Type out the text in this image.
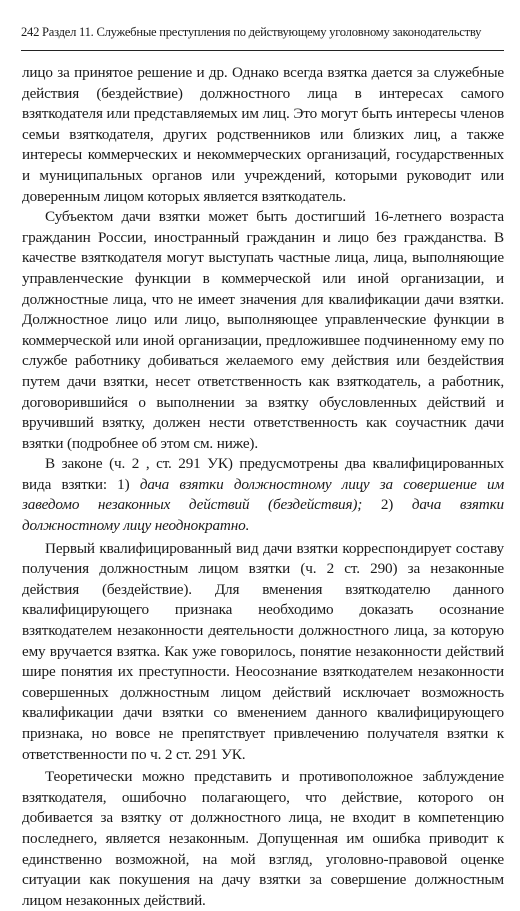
242 Раздел 11. Служебные преступления по действующему уголовному законодательству

лицо за принятое решение и др. Однако всегда взятка дается за служебные действия (бездействие) должностного лица в интересах самого взяткодателя или представляемых им лиц. Это могут быть интересы членов семьи взяткодателя, других родственников или близких лиц, а также интересы коммерческих и некоммерческих организаций, государственных и муниципальных органов или учреждений, которыми руководит или доверенным лицом которых является взяткодатель.

Субъектом дачи взятки может быть достигший 16-летнего возраста гражданин России, иностранный гражданин и лицо без гражданства. В качестве взяткодателя могут выступать частные лица, лица, выполняющие управленческие функции в коммерческой или иной организации, и должностные лица, что не имеет значения для квалификации дачи взятки. Должностное лицо или лицо, выполняющее управленческие функции в коммерческой или иной организации, предложившее подчиненному ему по службе работнику добиваться желаемого ему действия или бездействия путем дачи взятки, несет ответственность как взяткодатель, а работник, договорившийся о выполнении за взятку обусловленных действий и вручивший взятку, должен нести ответственность как соучастник дачи взятки (подробнее об этом см. ниже).

В законе (ч. 2 , ст. 291 УК) предусмотрены два квалифицированных вида взятки: 1) дача взятки должностному лицу за совершение им заведомо незаконных действий (бездействия); 2) дача взятки должностному лицу неоднократно.

Первый квалифицированный вид дачи взятки корреспондирует составу получения должностным лицом взятки (ч. 2 ст. 290) за незаконные действия (бездействие). Для вменения взяткодателю данного квалифицирующего признака необходимо доказать осознание взяткодателем незаконности деятельности должностного лица, за которую ему вручается взятка. Как уже говорилось, понятие незаконности действий шире понятия их преступности. Неосознание взяткодателем незаконности совершенных должностным лицом действий исключает возможность квалификации дачи взятки со вменением данного квалифицирующего признака, но вовсе не препятствует привлечению получателя взятки к ответственности по ч. 2 ст. 291 УК.

Теоретически можно представить и противоположное заблуждение взяткодателя, ошибочно полагающего, что действие, которого он добивается за взятку от должностного лица, не входит в компетенцию последнего, является незаконным. Допущенная им ошибка приводит к единственно возможной, на мой взгляд, уголовно-правовой оценке ситуации как покушения на дачу взятки за совершение должностным лицом незаконных действий.
